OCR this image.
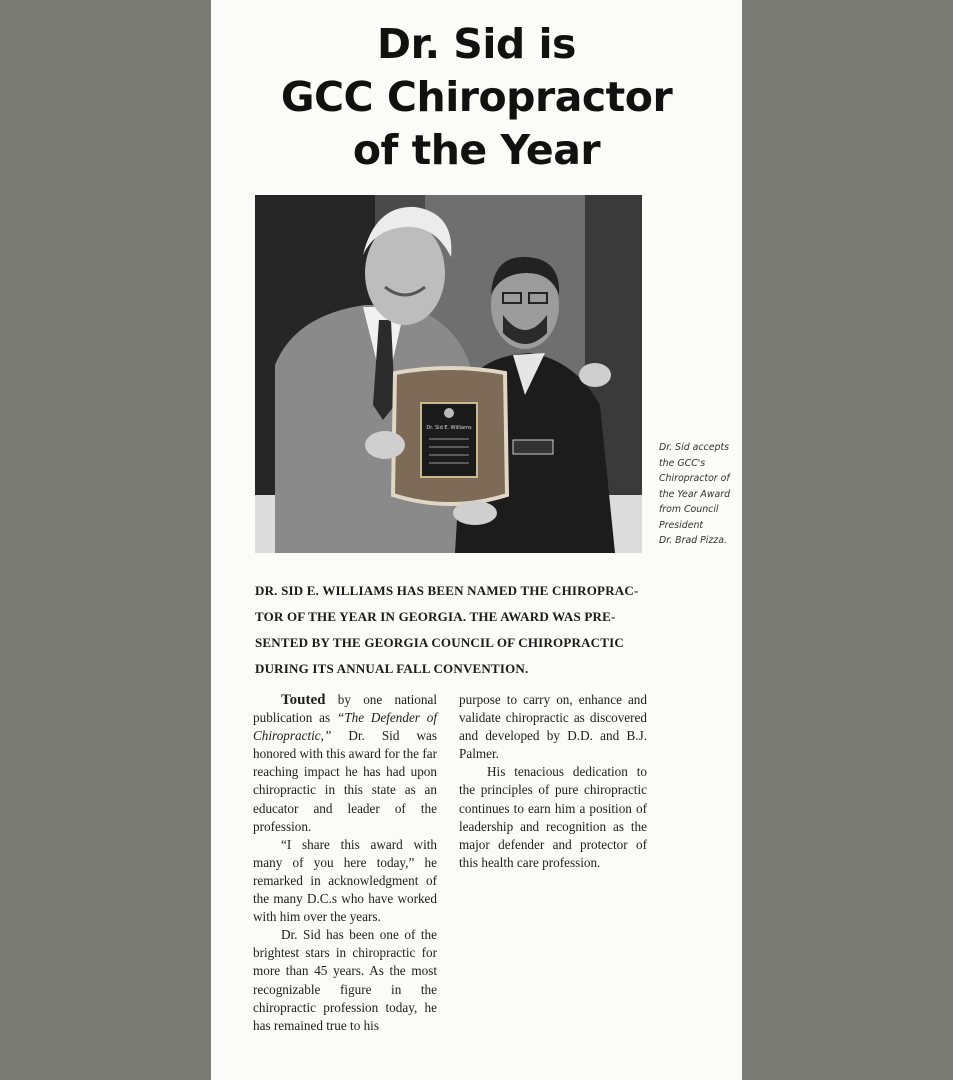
Dr. Sid is
GCC Chiropractor
of the Year
Dr. Sid E. Williams
Dr. Sid accepts
the GCC's
Chiropractor of
the Year Award
from Council
President
Dr. Brad Pizza.
DR. SID E. WILLIAMS HAS BEEN NAMED THE CHIROPRAC-
TOR OF THE YEAR IN GEORGIA. THE AWARD WAS PRE-
SENTED BY THE GEORGIA COUNCIL OF CHIROPRACTIC
DURING ITS ANNUAL FALL CONVENTION.

Touted by one national publication as “The Defender of Chiropractic,” Dr. Sid was honored with this award for the far reaching impact he has had upon chiropractic in this state as an educator and leader of the profession.

“I share this award with many of you here today,” he remarked in acknowledgment of the many D.C.s who have worked with him over the years.

Dr. Sid has been one of the brightest stars in chiropractic for more than 45 years. As the most recognizable figure in the chiropractic profession today, he has remained true to his

purpose to carry on, enhance and validate chiropractic as discovered and developed by D.D. and B.J. Palmer.

His tenacious dedication to the principles of pure chiropractic continues to earn him a position of leadership and recognition as the major defender and protector of this health care profession.
